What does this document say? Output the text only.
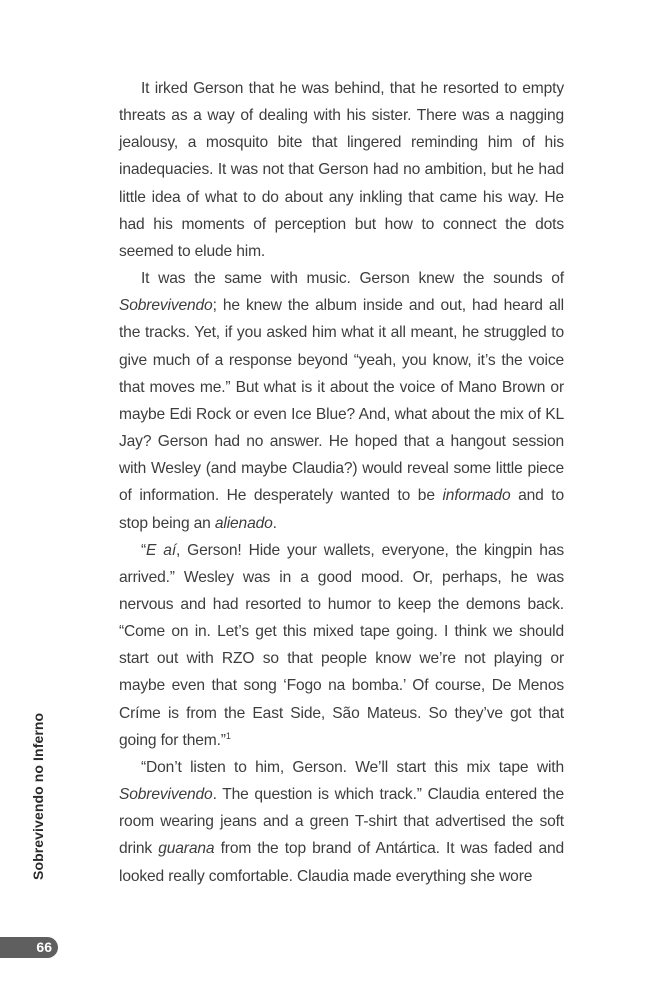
It irked Gerson that he was behind, that he resorted to empty threats as a way of dealing with his sister. There was a nagging jealousy, a mosquito bite that lingered reminding him of his inadequacies. It was not that Gerson had no ambition, but he had little idea of what to do about any inkling that came his way. He had his moments of perception but how to connect the dots seemed to elude him.

It was the same with music. Gerson knew the sounds of Sobrevivendo; he knew the album inside and out, had heard all the tracks. Yet, if you asked him what it all meant, he struggled to give much of a response beyond “yeah, you know, it’s the voice that moves me.” But what is it about the voice of Mano Brown or maybe Edi Rock or even Ice Blue? And, what about the mix of KL Jay? Gerson had no answer. He hoped that a hangout session with Wesley (and maybe Claudia?) would reveal some little piece of information. He desperately wanted to be informado and to stop being an alienado.

“E aí, Gerson! Hide your wallets, everyone, the kingpin has arrived.” Wesley was in a good mood. Or, perhaps, he was nervous and had resorted to humor to keep the demons back. “Come on in. Let’s get this mixed tape going. I think we should start out with RZO so that people know we’re not playing or maybe even that song ‘Fogo na bomba.’ Of course, De Menos Críme is from the East Side, São Mateus. So they’ve got that going for them.”$^1$

“Don’t listen to him, Gerson. We’ll start this mix tape with Sobrevivendo. The question is which track.” Claudia entered the room wearing jeans and a green T-shirt that advertised the soft drink guarana from the top brand of Antártica. It was faded and looked really comfortable. Claudia made everything she wore

Sobrevivendo no Inferno
66
